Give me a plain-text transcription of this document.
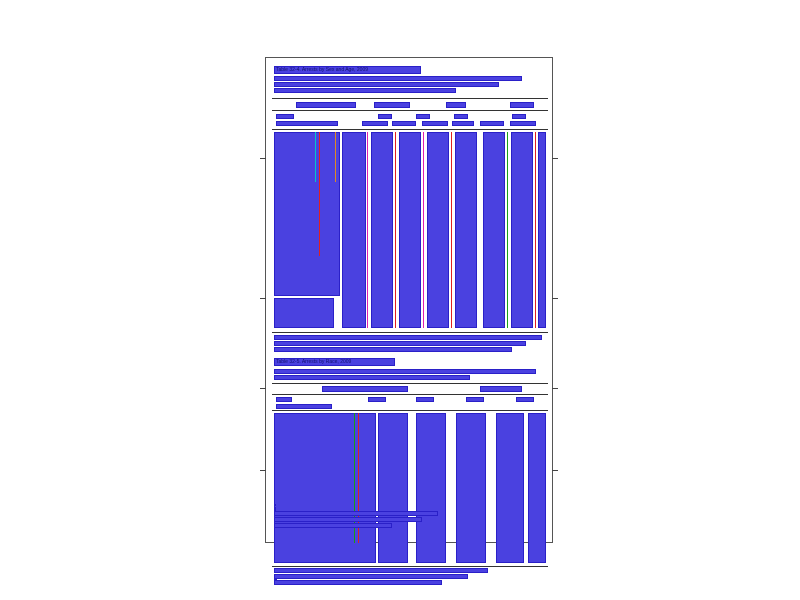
Table 32-4. Arrests by Sex and Age, 2009
Table 32-5. Arrests by Race, 2009
